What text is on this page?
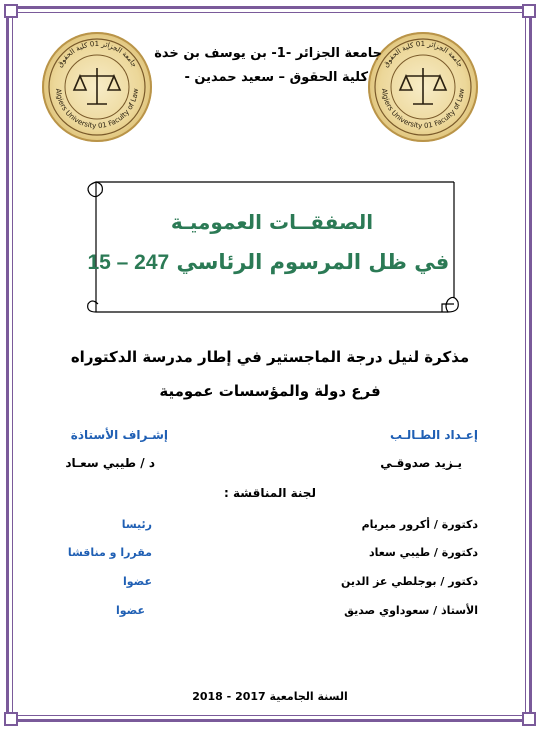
جامعة الجزائر 01 كلية الحقوق
Algiers University 01 Faculty of Law
جامعة الجزائر 01 كلية الحقوق
Algiers University 01 Faculty of Law
جامعة الجزائر -1- بن يوسف بن خدة
كلية الحقوق – سعيد حمدين -
الصفقــات العموميـة
في ظل المرسوم الرئاسي 247 – 15
مذكرة لنيل درجة الماجستير في إطار مدرسة الدكتوراه
فرع دولة والمؤسسات عمومية
إعـداد الطـالـب
إشـراف الأستاذة
يـزيد صدوقـي
د / طيبي سعـاد
لجنة المناقشة :
دكتورة / أكرور ميريام
رئيسا
دكتورة / طيبي سعاد
مقررا و مناقشا
دكتور / بوجلطي عز الدين
عضوا
الأستاذ / سعوداوي صديق
عضوا
السنة الجامعية 2017 - 2018
